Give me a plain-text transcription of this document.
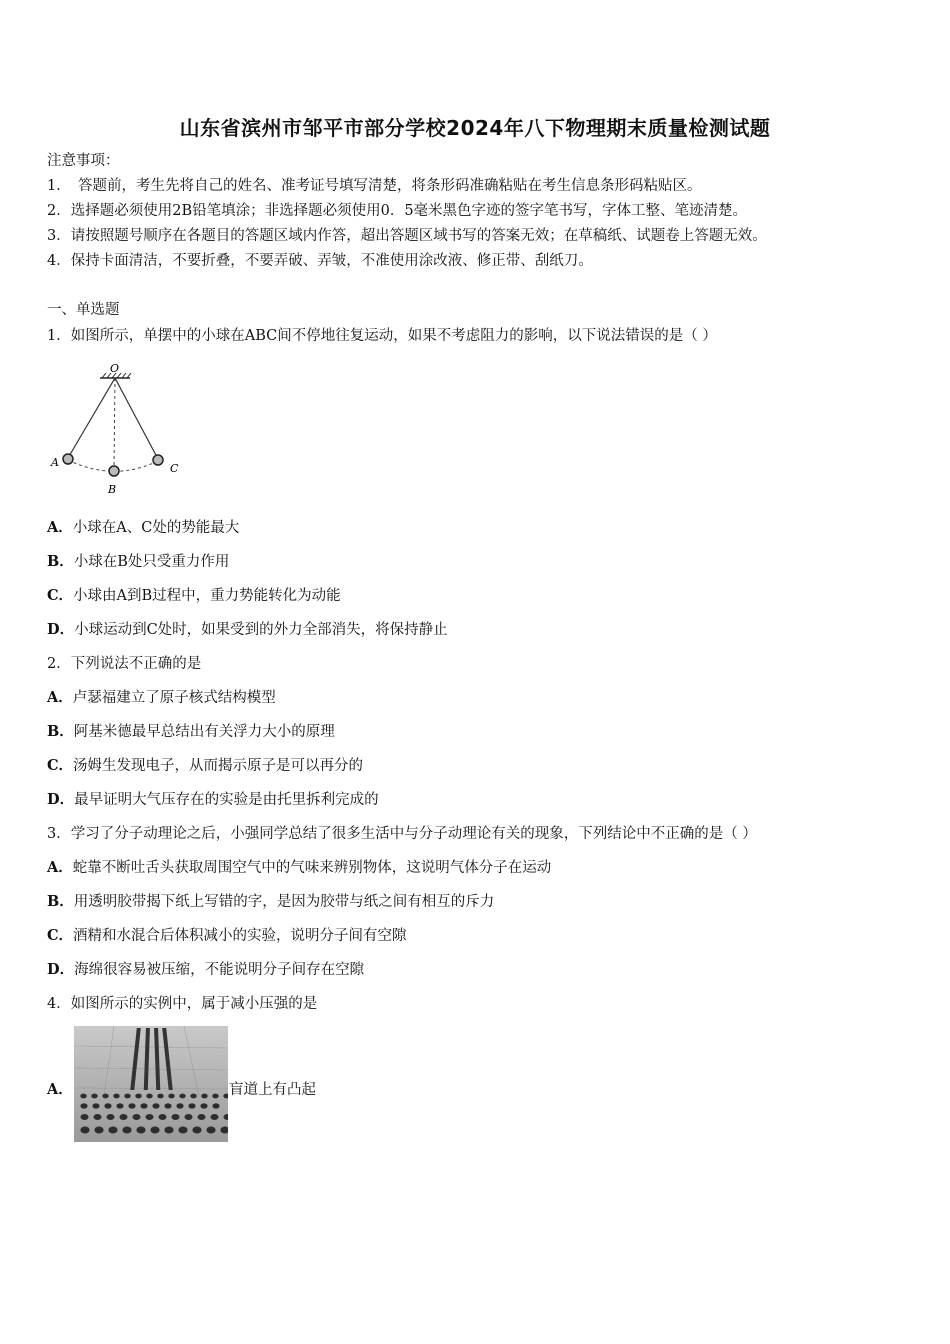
山东省滨州市邹平市部分学校2024年八下物理期末质量检测试题
注意事项：
1．　答题前，考生先将自己的姓名、准考证号填写清楚，将条形码准确粘贴在考生信息条形码粘贴区。
2．选择题必须使用2B铅笔填涂；非选择题必须使用0．5毫米黑色字迹的签字笔书写，字体工整、笔迹清楚。
3．请按照题号顺序在各题目的答题区域内作答，超出答题区域书写的答案无效；在草稿纸、试题卷上答题无效。
4．保持卡面清洁，不要折叠，不要弄破、弄皱，不准使用涂改液、修正带、刮纸刀。
一、单选题
1．如图所示，单摆中的小球在ABC间不停地往复运动，如果不考虑阻力的影响，以下说法错误的是（ ）
O
A
B
C
A．小球在A、C处的势能最大
B．小球在B处只受重力作用
C．小球由A到B过程中，重力势能转化为动能
D．小球运动到C处时，如果受到的外力全部消失，将保持静止
2．下列说法不正确的是
A．卢瑟福建立了原子核式结构模型
B．阿基米德最早总结出有关浮力大小的原理
C．汤姆生发现电子，从而揭示原子是可以再分的
D．最早证明大气压存在的实验是由托里拆利完成的
3．学习了分子动理论之后，小强同学总结了很多生活中与分子动理论有关的现象，下列结论中不正确的是（ ）
A．蛇靠不断吐舌头获取周围空气中的气味来辨别物体，这说明气体分子在运动
B．用透明胶带揭下纸上写错的字，是因为胶带与纸之间有相互的斥力
C．酒精和水混合后体积减小的实验，说明分子间有空隙
D．海绵很容易被压缩，不能说明分子间存在空隙
4．如图所示的实例中，属于减小压强的是
A．	盲道上有凸起
